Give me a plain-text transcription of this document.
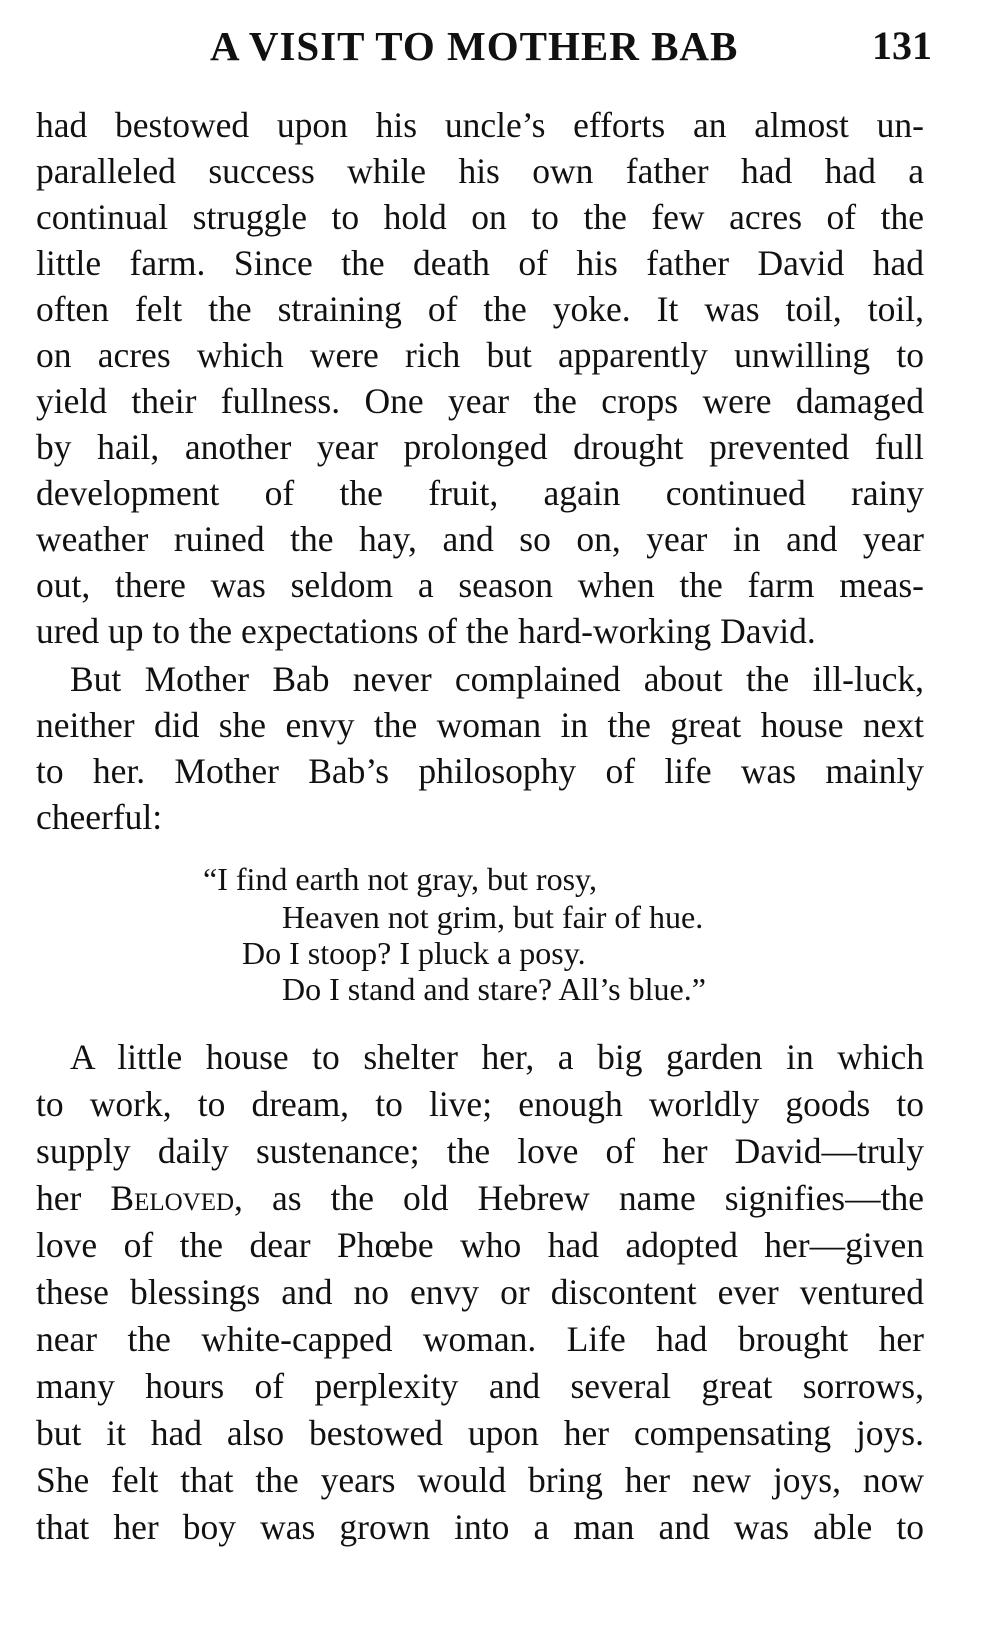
A VISIT TO MOTHER BAB	131
had bestowed upon his uncle’s efforts an almost un-
paralleled success while his own father had had a
continual struggle to hold on to the few acres of the
little farm. Since the death of his father David had
often felt the straining of the yoke. It was toil, toil,
on acres which were rich but apparently unwilling to
yield their fullness. One year the crops were damaged
by hail, another year prolonged drought prevented full
development of the fruit, again continued rainy
weather ruined the hay, and so on, year in and year
out, there was seldom a season when the farm meas-
ured up to the expectations of the hard-working David.
But Mother Bab never complained about the ill-luck,
neither did she envy the woman in the great house next
to her. Mother Bab’s philosophy of life was mainly
cheerful:
“I find earth not gray, but rosy,
Heaven not grim, but fair of hue.
Do I stoop? I pluck a posy.
Do I stand and stare? All’s blue.”
A little house to shelter her, a big garden in which
to work, to dream, to live; enough worldly goods to
supply daily sustenance; the love of her David—truly
her Beloved, as the old Hebrew name signifies—the
love of the dear Phœbe who had adopted her—given
these blessings and no envy or discontent ever ventured
near the white-capped woman. Life had brought her
many hours of perplexity and several great sorrows,
but it had also bestowed upon her compensating joys.
She felt that the years would bring her new joys, now
that her boy was grown into a man and was able to
